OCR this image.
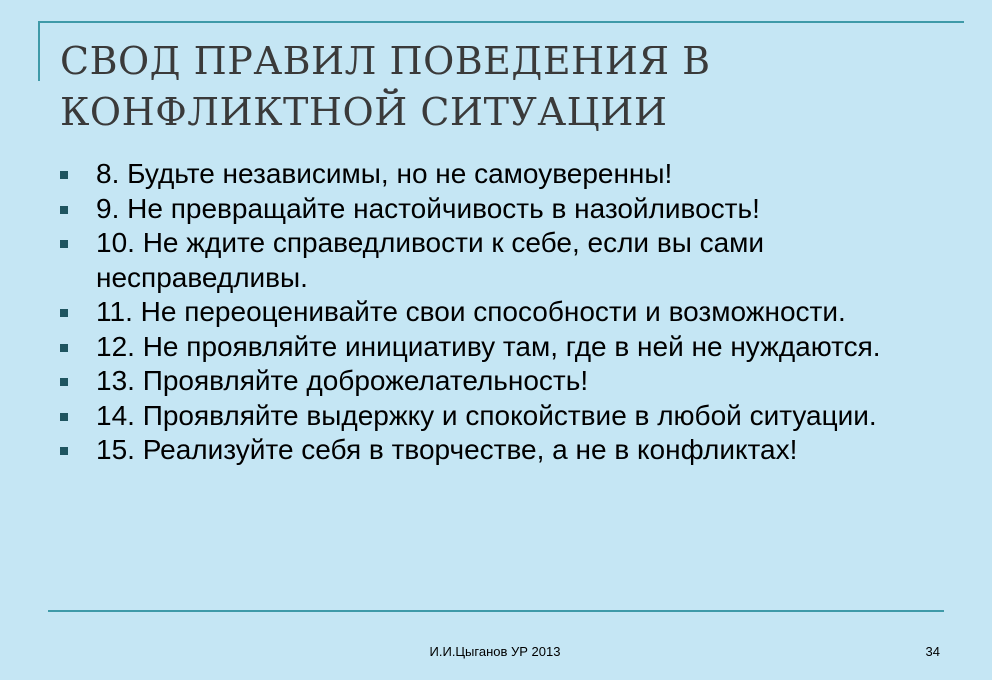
СВОД ПРАВИЛ ПОВЕДЕНИЯ В
КОНФЛИКТНОЙ СИТУАЦИИ
8. Будьте независимы, но не самоуверенны!
9. Не превращайте настойчивость в назойливость!
10. Не ждите справедливости к себе, если вы сами несправедливы.
11. Не переоценивайте свои способности и возможности.
12. Не проявляйте инициативу там, где в ней не нуждаются.
13. Проявляйте доброжелательность!
14. Проявляйте выдержку и спокойствие в любой ситуации.
15. Реализуйте себя в творчестве, а не в конфликтах!
И.И.Цыганов УР 2013	34
